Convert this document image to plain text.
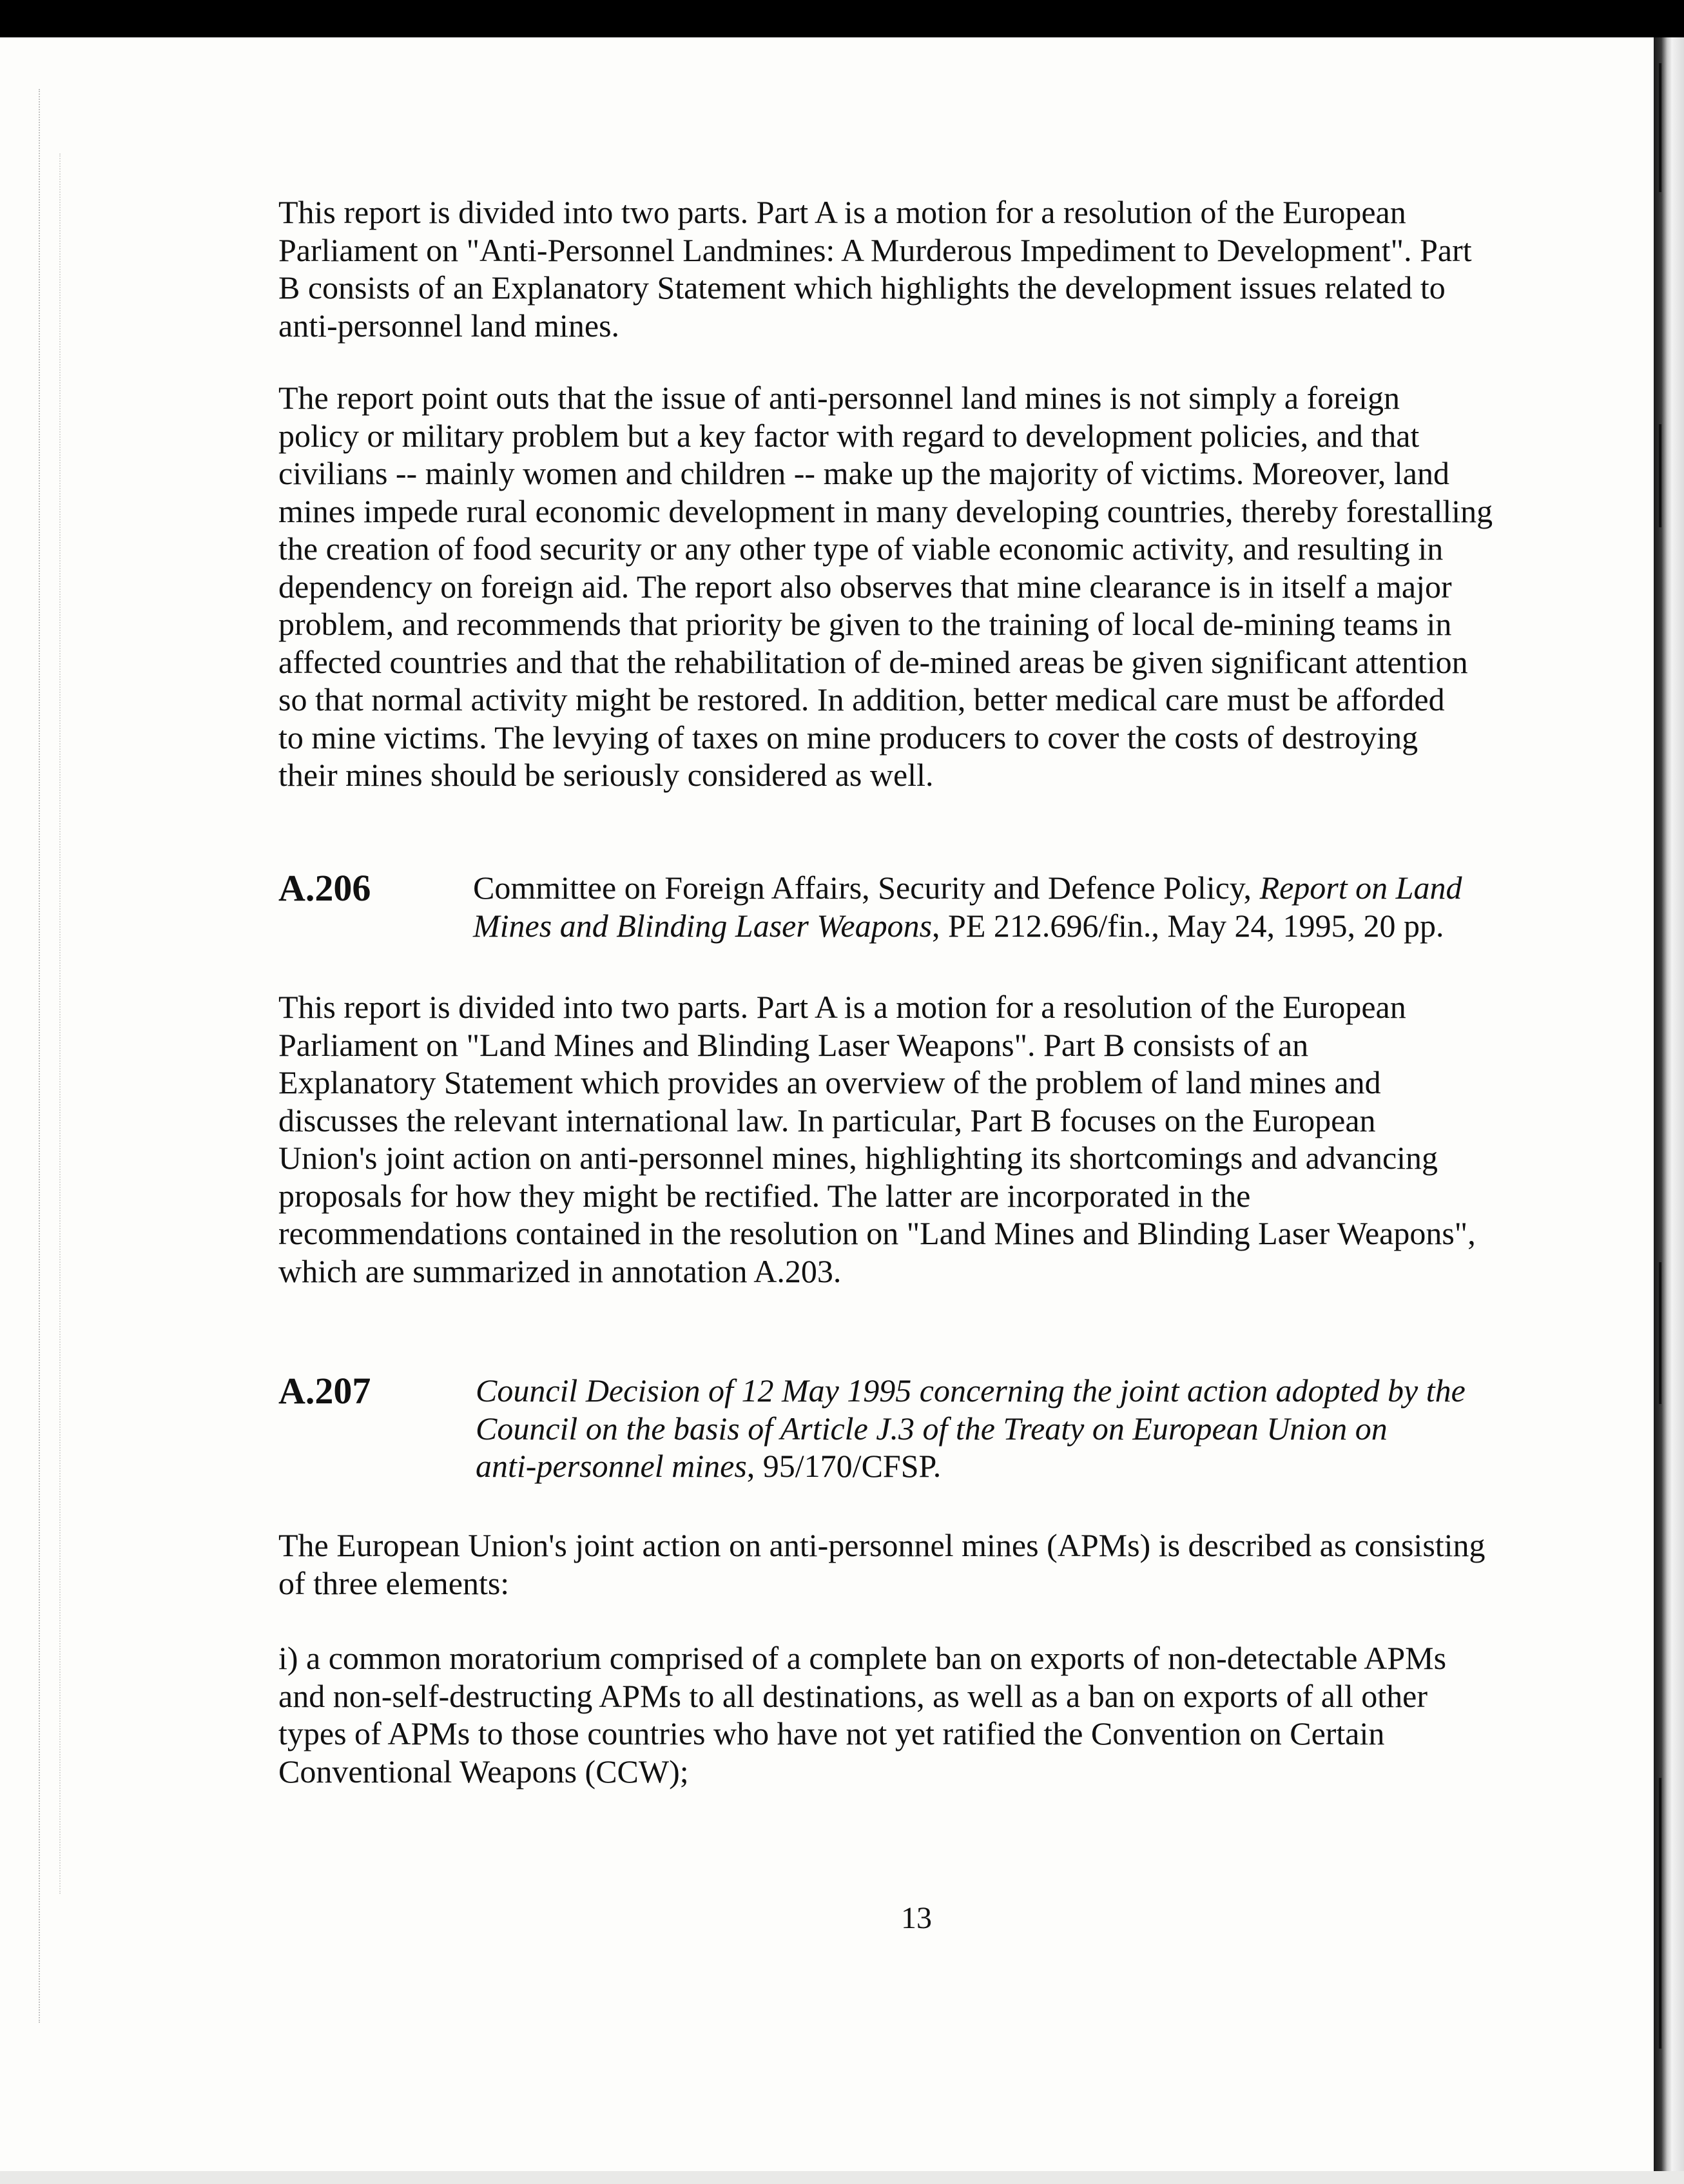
This report is divided into two parts. Part A is a motion for a resolution of the European
Parliament on "Anti-Personnel Landmines: A Murderous Impediment to Development". Part
B consists of an Explanatory Statement which highlights the development issues related to
anti-personnel land mines.

The report point outs that the issue of anti-personnel land mines is not simply a foreign
policy or military problem but a key factor with regard to development policies, and that
civilians -- mainly women and children -- make up the majority of victims. Moreover, land
mines impede rural economic development in many developing countries, thereby forestalling
the creation of food security or any other type of viable economic activity, and resulting in
dependency on foreign aid. The report also observes that mine clearance is in itself a major
problem, and recommends that priority be given to the training of local de-mining teams in
affected countries and that the rehabilitation of de-mined areas be given significant attention
so that normal activity might be restored. In addition, better medical care must be afforded
to mine victims. The levying of taxes on mine producers to cover the costs of destroying
their mines should be seriously considered as well.

A.206	Committee on Foreign Affairs, Security and Defence Policy, Report on Land
Mines and Blinding Laser Weapons, PE 212.696/fin., May 24, 1995, 20 pp.

This report is divided into two parts. Part A is a motion for a resolution of the European
Parliament on "Land Mines and Blinding Laser Weapons". Part B consists of an
Explanatory Statement which provides an overview of the problem of land mines and
discusses the relevant international law. In particular, Part B focuses on the European
Union's joint action on anti-personnel mines, highlighting its shortcomings and advancing
proposals for how they might be rectified. The latter are incorporated in the
recommendations contained in the resolution on "Land Mines and Blinding Laser Weapons",
which are summarized in annotation A.203.

A.207	Council Decision of 12 May 1995 concerning the joint action adopted by the
Council on the basis of Article J.3 of the Treaty on European Union on
anti-personnel mines, 95/170/CFSP.

The European Union's joint action on anti-personnel mines (APMs) is described as consisting
of three elements:

i) a common moratorium comprised of a complete ban on exports of non-detectable APMs
and non-self-destructing APMs to all destinations, as well as a ban on exports of all other
types of APMs to those countries who have not yet ratified the Convention on Certain
Conventional Weapons (CCW);

13
